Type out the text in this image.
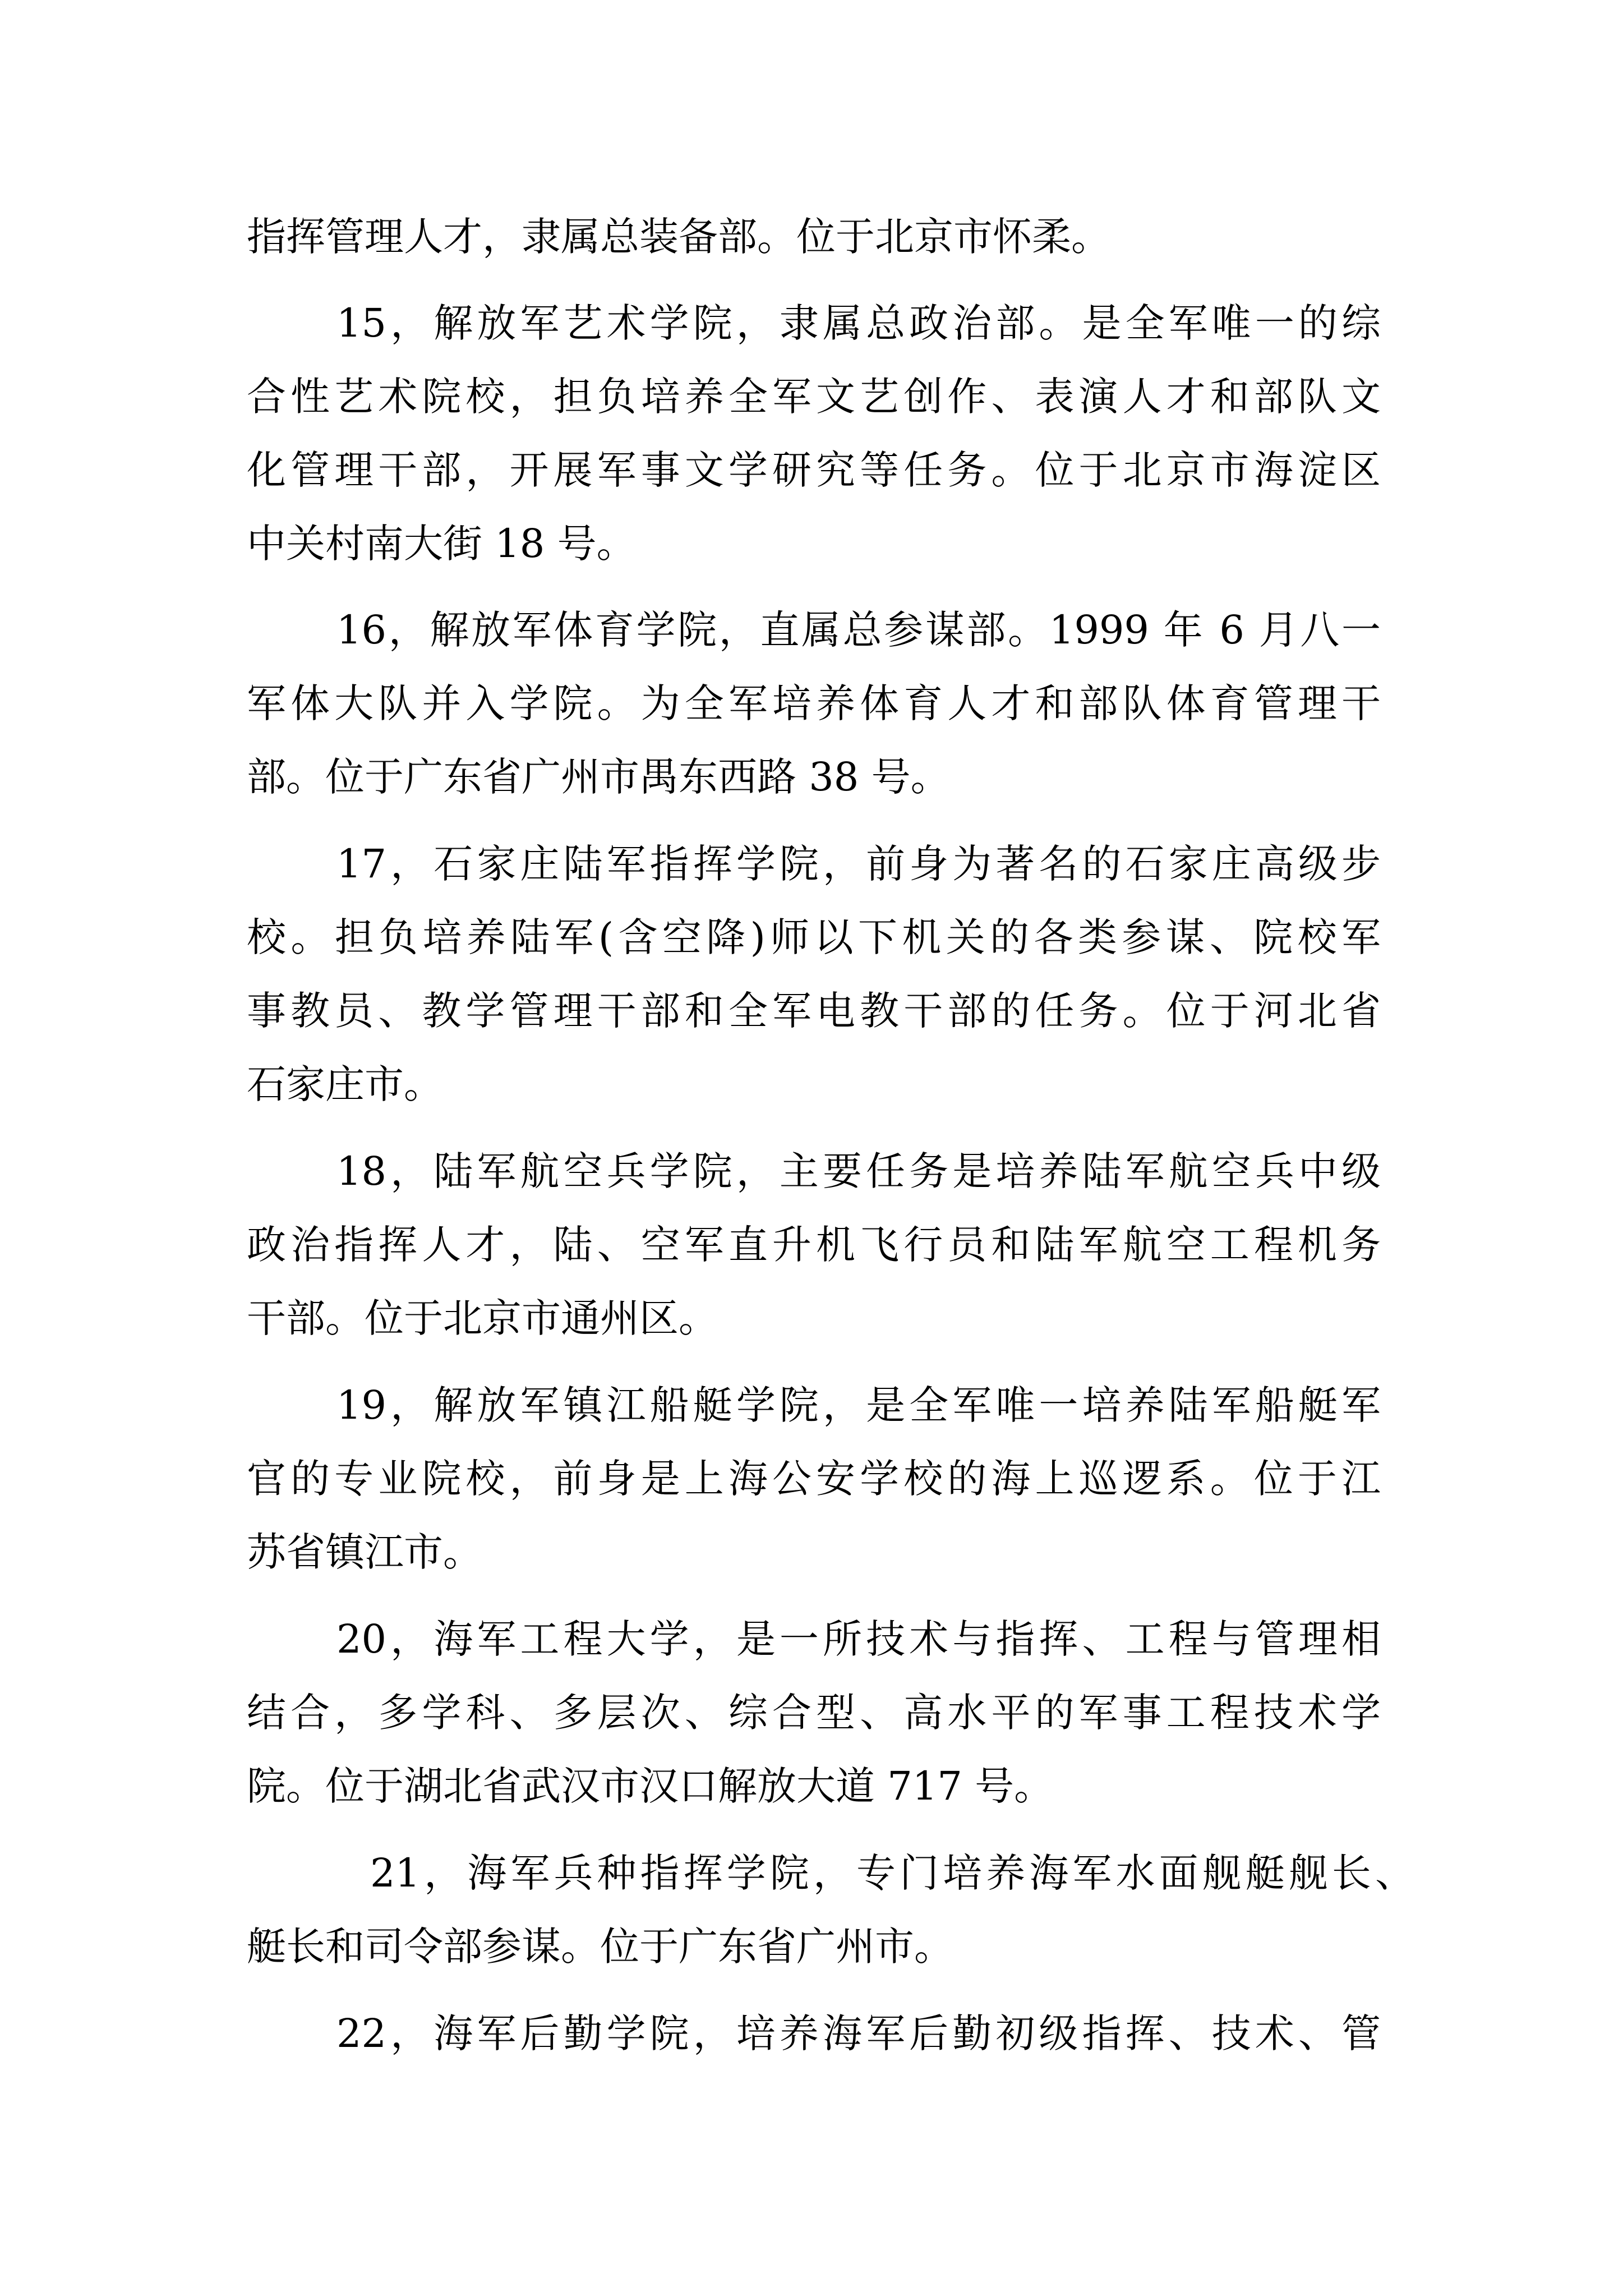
指挥管理人才，隶属总装备部。位于北京市怀柔。
15，解放军艺术学院，隶属总政治部。是全军唯一的综
合性艺术院校，担负培养全军文艺创作、表演人才和部队文
化管理干部，开展军事文学研究等任务。位于北京市海淀区
中关村南大街 18 号。
16，解放军体育学院，直属总参谋部。1999 年 6 月八一
军体大队并入学院。为全军培养体育人才和部队体育管理干
部。位于广东省广州市禺东西路 38 号。
17，石家庄陆军指挥学院，前身为著名的石家庄高级步
校。担负培养陆军(含空降)师以下机关的各类参谋、院校军
事教员、教学管理干部和全军电教干部的任务。位于河北省
石家庄市。
18，陆军航空兵学院，主要任务是培养陆军航空兵中级
政治指挥人才，陆、空军直升机飞行员和陆军航空工程机务
干部。位于北京市通州区。
19，解放军镇江船艇学院，是全军唯一培养陆军船艇军
官的专业院校，前身是上海公安学校的海上巡逻系。位于江
苏省镇江市。
20，海军工程大学，是一所技术与指挥、工程与管理相
结合，多学科、多层次、综合型、高水平的军事工程技术学
院。位于湖北省武汉市汉口解放大道 717 号。
21，海军兵种指挥学院，专门培养海军水面舰艇舰长、
艇长和司令部参谋。位于广东省广州市。
22，海军后勤学院，培养海军后勤初级指挥、技术、管
